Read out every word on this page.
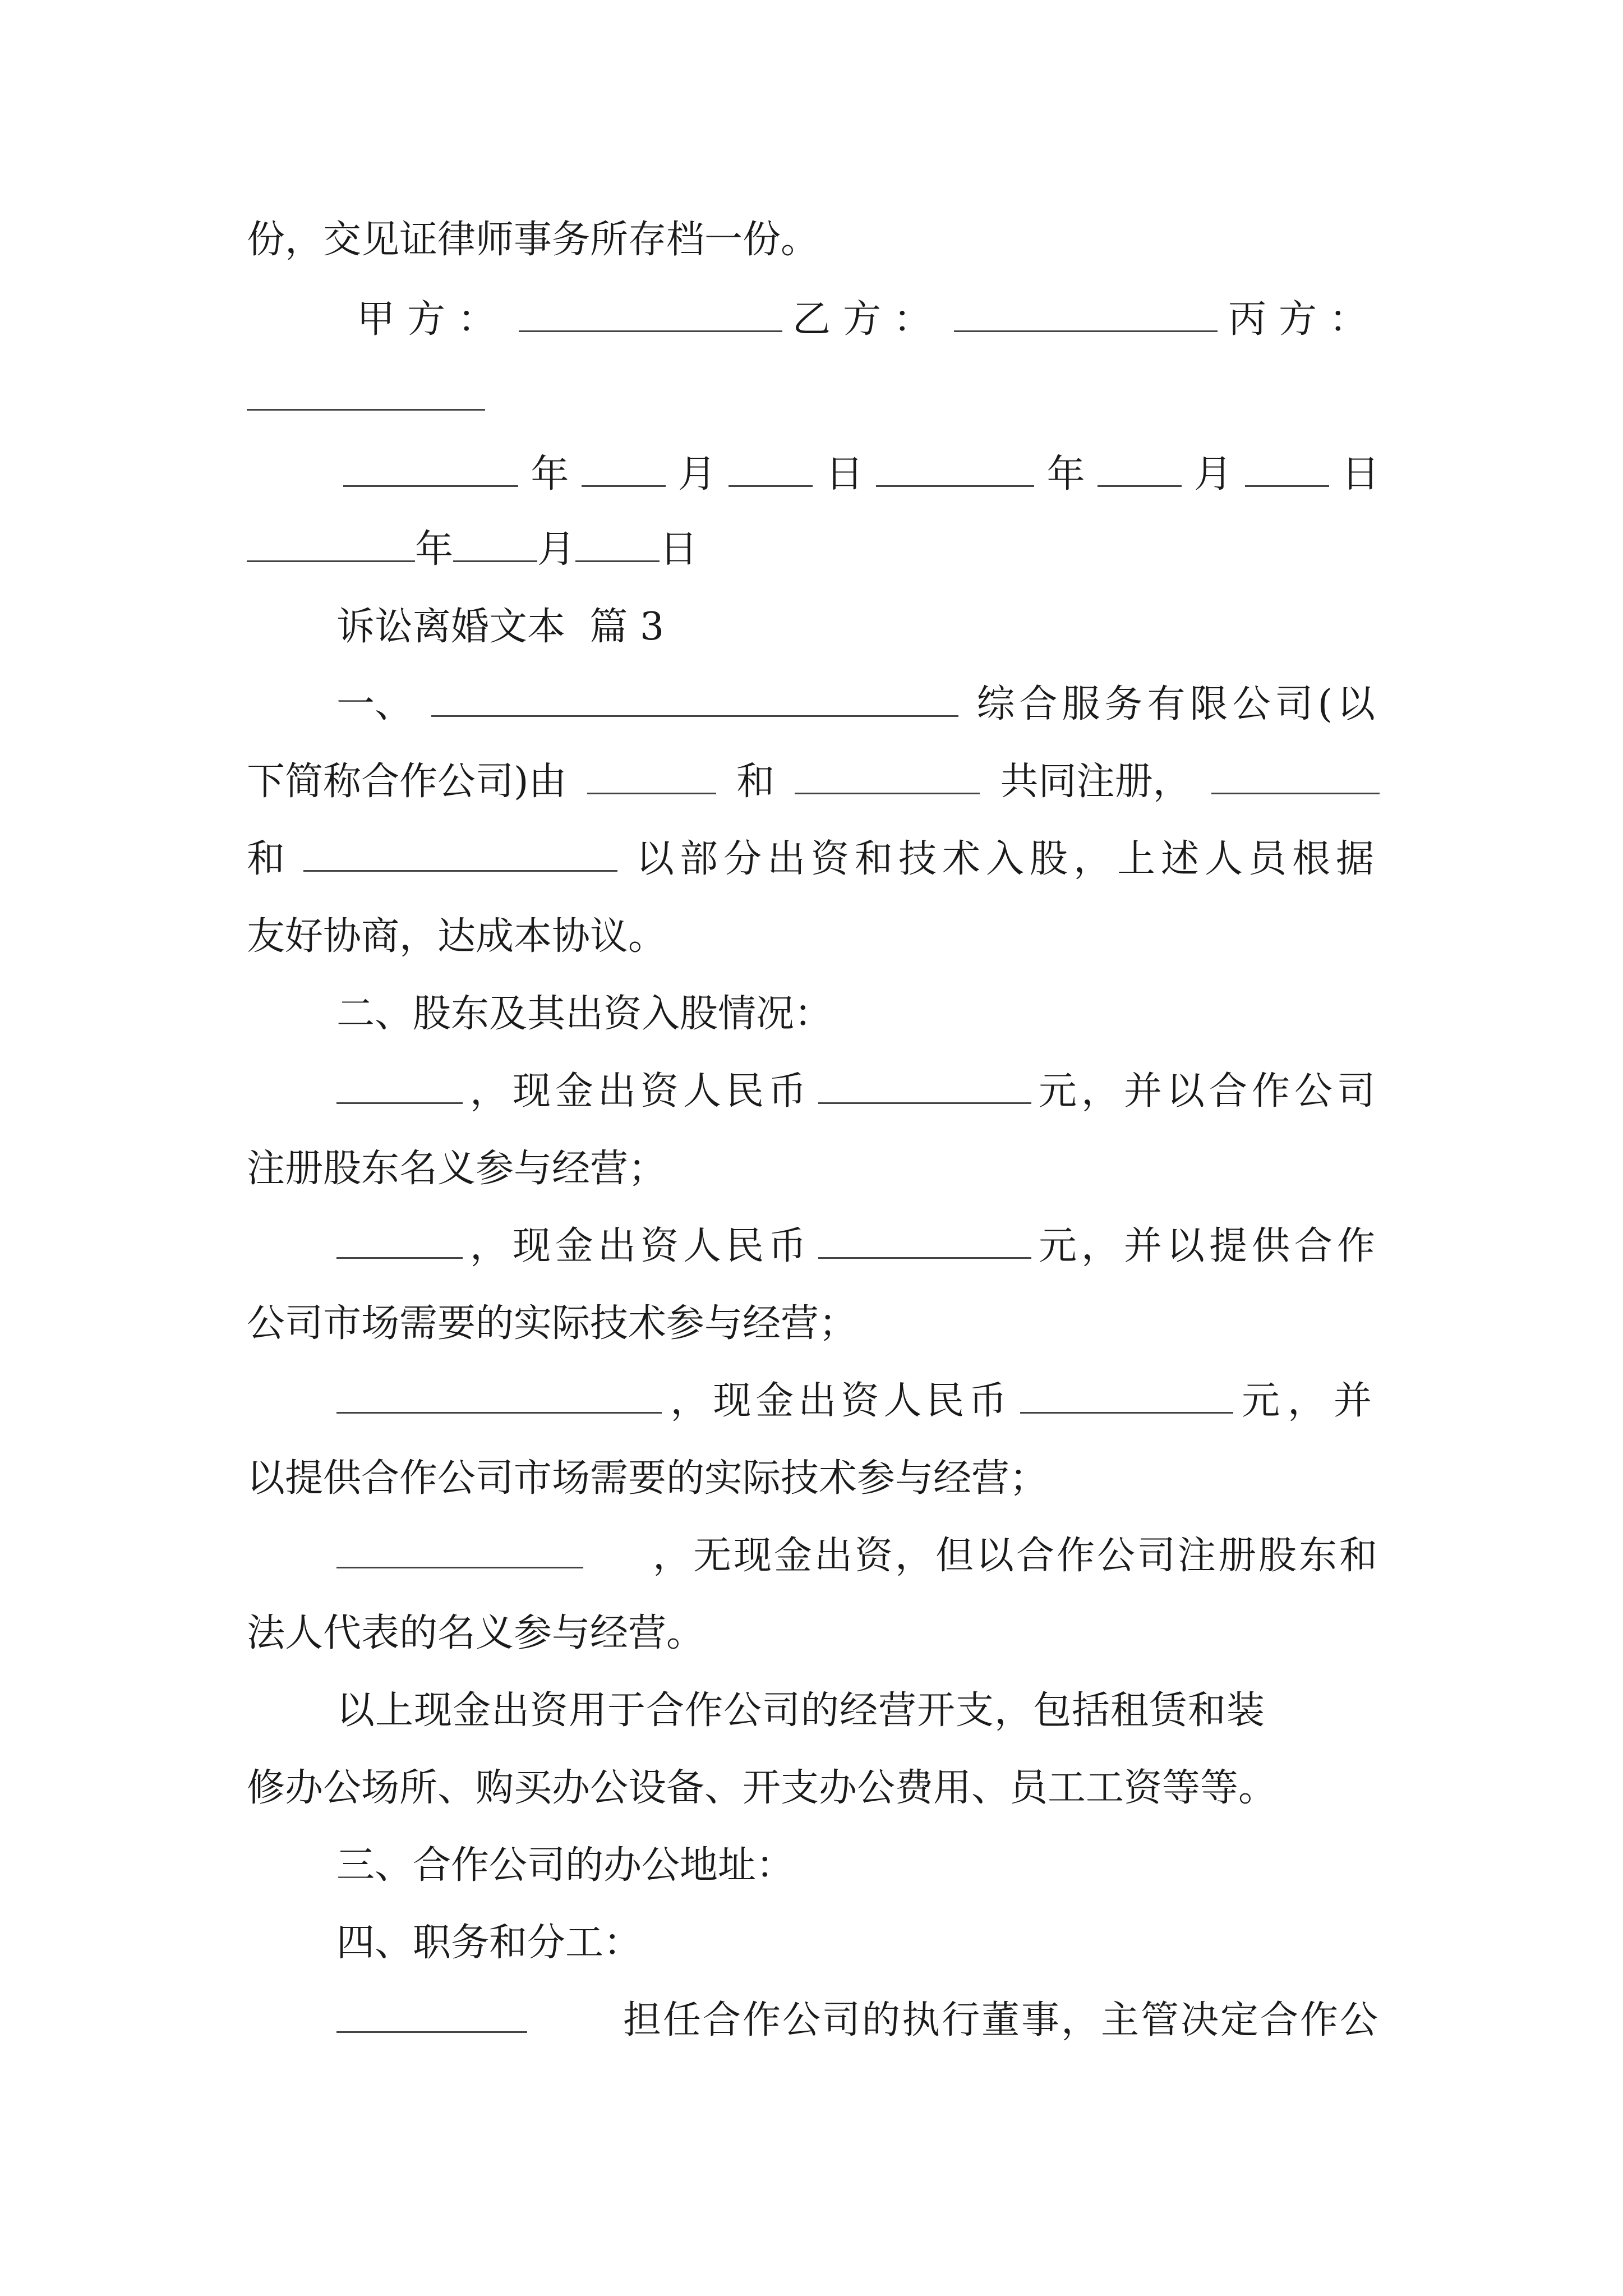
份，交见证律师事务所存档一份。
甲方：	乙方：	丙方：
年	月	日	年	月	日
年 月 日
诉讼离婚文本  篇 3
一、	综合服务有限公司(以
下简称合作公司)由	和	共同注册，
和	以部分出资和技术入股，上述人员根据
友好协商，达成本协议。
二、股东及其出资入股情况：
，现金出资人民币	元，并以合作公司
注册股东名义参与经营；
，现金出资人民币	元，并以提供合作
公司市场需要的实际技术参与经营；
，现金出资人民币	元，并
以提供合作公司市场需要的实际技术参与经营；
，无现金出资，但以合作公司注册股东和
法人代表的名义参与经营。
以上现金出资用于合作公司的经营开支，包括租赁和装
修办公场所、购买办公设备、开支办公费用、员工工资等等。
三、合作公司的办公地址：
四、职务和分工：
担任合作公司的执行董事，主管决定合作公
